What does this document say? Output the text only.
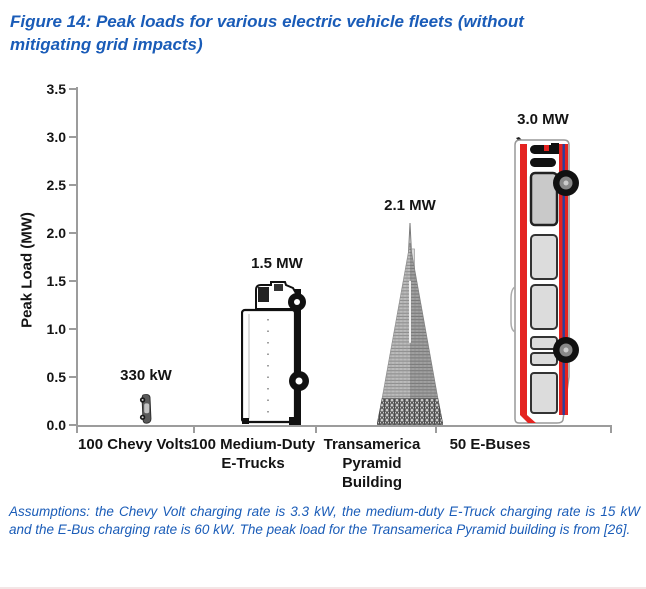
Figure 14: Peak loads for various electric vehicle fleets (without mitigating grid impacts)
Peak Load (MW)
3.5
3.0
2.5
2.0
1.5
1.0
0.5
0.0
100 Chevy Volts
100 Medium-Duty E-Trucks
Transamerica Pyramid Building
50 E-Buses
330 kW
1.5 MW
2.1 MW
3.0 MW
Assumptions: the Chevy Volt charging rate is 3.3 kW, the medium-duty E-Truck charging rate is 15 kW and the E-Bus charging rate is 60 kW. The peak load for the Transamerica Pyramid building is from [26].
